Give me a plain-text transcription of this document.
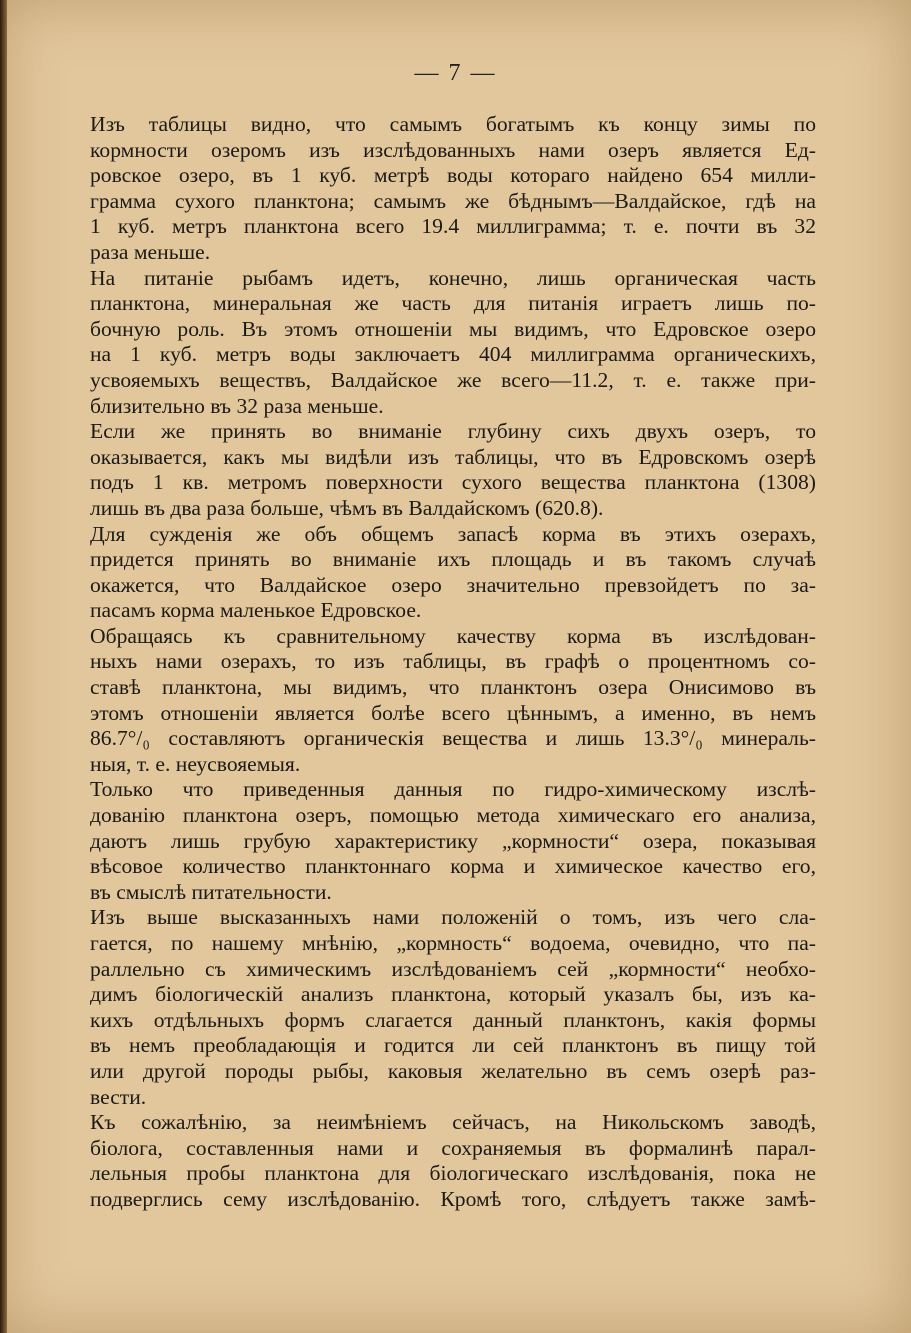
— 7 —
Изъ таблицы видно, что самымъ богатымъ къ концу зимы по
кормности озеромъ изъ изслѣдованныхъ нами озеръ является Ед-
ровское озеро, въ 1 куб. метрѣ воды котораго найдено 654 милли-
грамма сухого планктона; самымъ же бѣднымъ—Валдайское, гдѣ на
1 куб. метръ планктона всего 19.4 миллиграмма; т. е. почти въ 32
раза меньше.
На питаніе рыбамъ идетъ, конечно, лишь органическая часть
планктона, минеральная же часть для питанія играетъ лишь по-
бочную роль. Въ этомъ отношеніи мы видимъ, что Едровское озеро
на 1 куб. метръ воды заключаетъ 404 миллиграмма органическихъ,
усвояемыхъ веществъ, Валдайское же всего—11.2, т. е. также при-
близительно въ 32 раза меньше.
Если же принять во вниманіе глубину сихъ двухъ озеръ, то
оказывается, какъ мы видѣли изъ таблицы, что въ Едровскомъ озерѣ
подъ 1 кв. метромъ поверхности сухого вещества планктона (1308)
лишь въ два раза больше, чѣмъ въ Валдайскомъ (620.8).
Для сужденія же объ общемъ запасѣ корма въ этихъ озерахъ,
придется принять во вниманіе ихъ площадь и въ такомъ случаѣ
окажется, что Валдайское озеро значительно превзойдетъ по за-
пасамъ корма маленькое Едровское.
Обращаясь къ сравнительному качеству корма въ изслѣдован-
ныхъ нами озерахъ, то изъ таблицы, въ графѣ о процентномъ со-
ставѣ планктона, мы видимъ, что планктонъ озера Онисимово въ
этомъ отношеніи является болѣе всего цѣннымъ, а именно, въ немъ
86.7°/₀ составляютъ органическія вещества и лишь 13.3°/₀ минераль-
ныя, т. е. неусвояемыя.
Только что приведенныя данныя по гидро-химическому изслѣ-
дованію планктона озеръ, помощью метода химическаго его анализа,
даютъ лишь грубую характеристику „кормности“ озера, показывая
вѣсовое количество планктоннаго корма и химическое качество его,
въ смыслѣ питательности.
Изъ выше высказанныхъ нами положеній о томъ, изъ чего сла-
гается, по нашему мнѣнію, „кормность“ водоема, очевидно, что па-
раллельно съ химическимъ изслѣдованіемъ сей „кормности“ необхо-
димъ біологическій анализъ планктона, который указалъ бы, изъ ка-
кихъ отдѣльныхъ формъ слагается данный планктонъ, какія формы
въ немъ преобладающія и годится ли сей планктонъ въ пищу той
или другой породы рыбы, каковыя желательно въ семъ озерѣ раз-
вести.
Къ сожалѣнію, за неимѣніемъ сейчасъ, на Никольскомъ заводѣ,
біолога, составленныя нами и сохраняемыя въ формалинѣ парал-
лельныя пробы планктона для біологическаго изслѣдованія, пока не
подверглись сему изслѣдованію. Кромѣ того, слѣдуетъ также замѣ-
